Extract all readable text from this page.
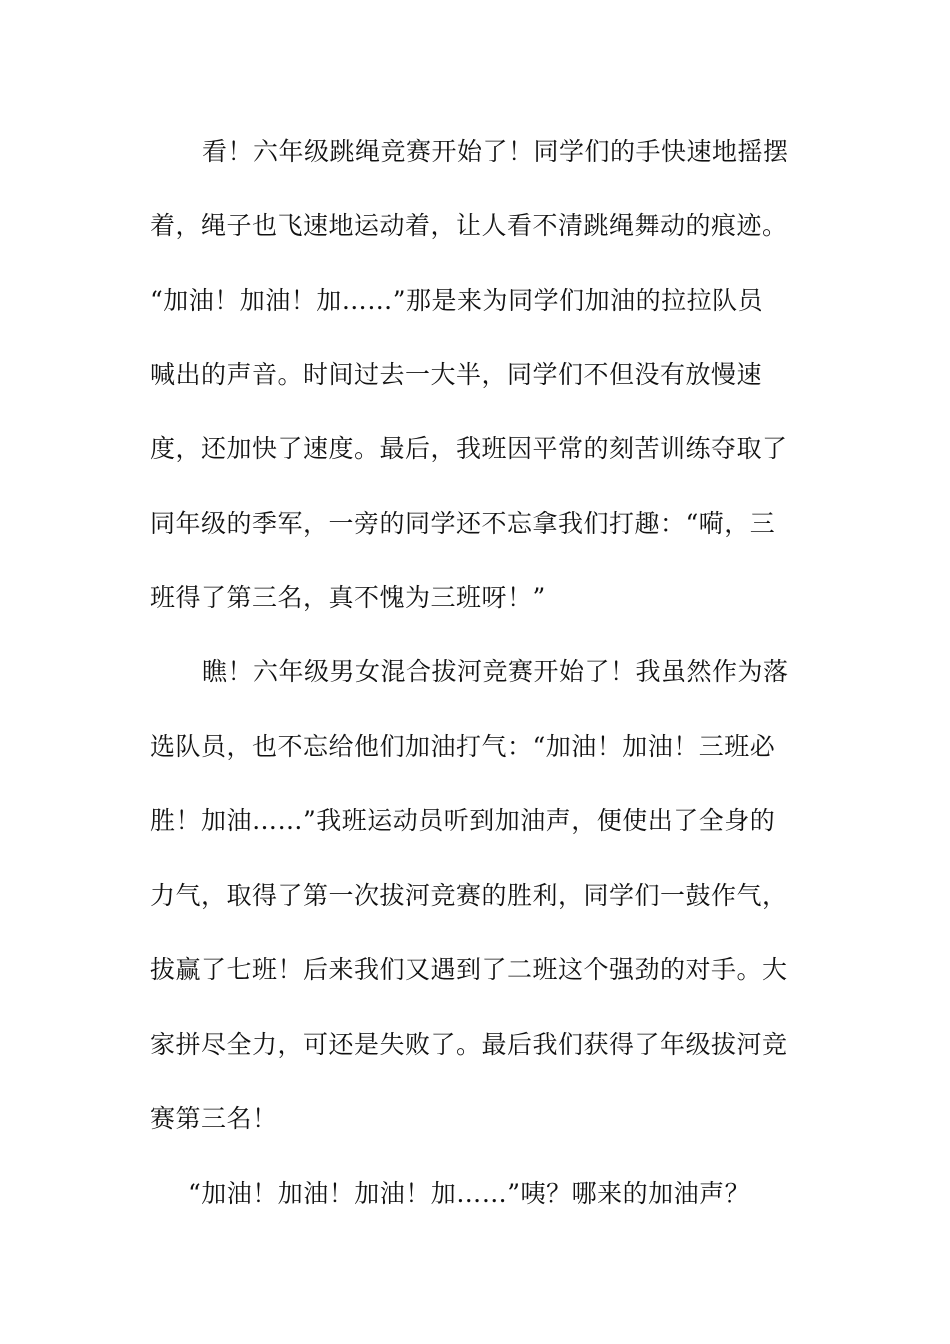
看！六年级跳绳竞赛开始了！同学们的手快速地摇摆
着，绳子也飞速地运动着，让人看不清跳绳舞动的痕迹。
“加油！加油！加……”那是来为同学们加油的拉拉队员
喊出的声音。时间过去一大半，同学们不但没有放慢速
度，还加快了速度。最后，我班因平常的刻苦训练夺取了
同年级的季军，一旁的同学还不忘拿我们打趣：“嗬，三
班得了第三名，真不愧为三班呀！”
瞧！六年级男女混合拔河竞赛开始了！我虽然作为落
选队员，也不忘给他们加油打气：“加油！加油！三班必
胜！加油……”我班运动员听到加油声，便使出了全身的
力气，取得了第一次拔河竞赛的胜利，同学们一鼓作气，
拔赢了七班！后来我们又遇到了二班这个强劲的对手。大
家拼尽全力，可还是失败了。最后我们获得了年级拔河竞
赛第三名！
“加油！加油！加油！加……”咦？哪来的加油声？
